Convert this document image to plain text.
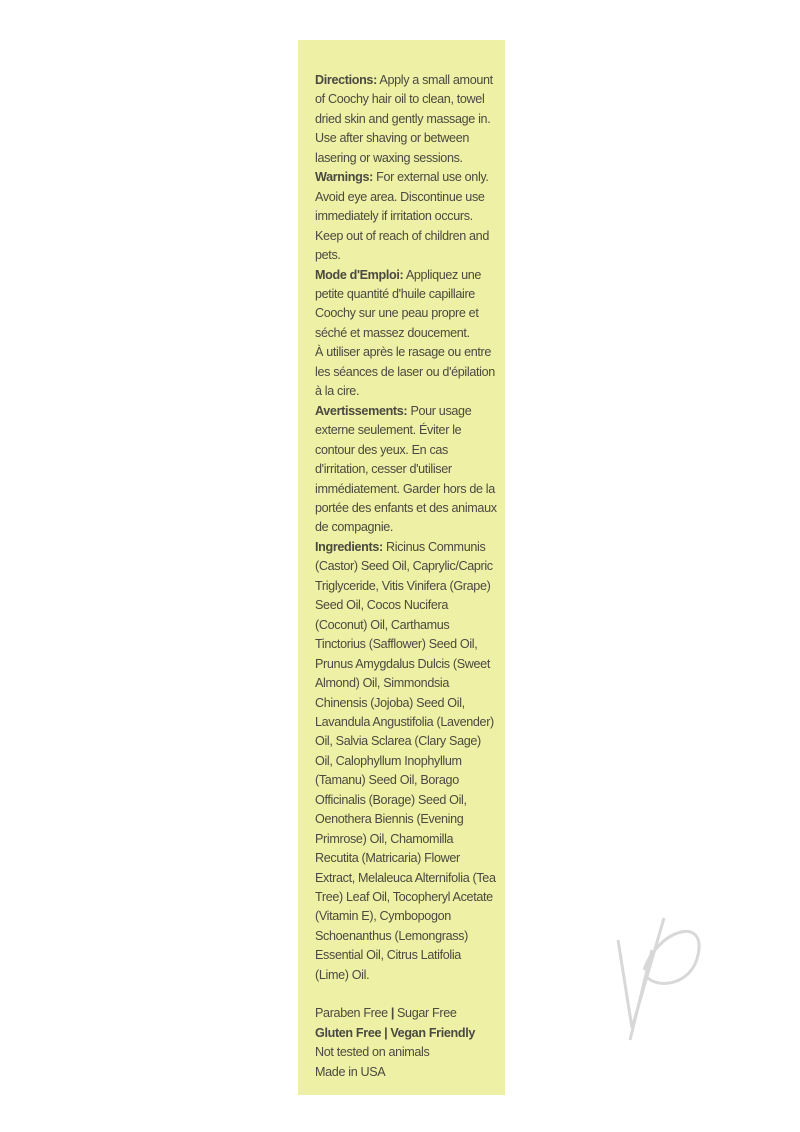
Directions: Apply a small amount of Coochy hair oil to clean, towel dried skin and gently massage in. Use after shaving or between lasering or waxing sessions.

Warnings: For external use only. Avoid eye area. Discontinue use immediately if irritation occurs. Keep out of reach of children and pets.

Mode d'Emploi: Appliquez une petite quantité d'huile capillaire Coochy sur une peau propre et séché et massez doucement.

À utiliser après le rasage ou entre les séances de laser ou d'épilation à la cire.

Avertissements: Pour usage externe seulement. Éviter le contour des yeux. En cas d'irritation, cesser d'utiliser immédiatement. Garder hors de la portée des enfants et des animaux de compagnie.

Ingredients: Ricinus Communis (Castor) Seed Oil, Caprylic/Capric Triglyceride, Vitis Vinifera (Grape) Seed Oil, Cocos Nucifera (Coconut) Oil, Carthamus Tinctorius (Safflower) Seed Oil, Prunus Amygdalus Dulcis (Sweet Almond) Oil, Simmondsia Chinensis (Jojoba) Seed Oil, Lavandula Angustifolia (Lavender) Oil, Salvia Sclarea (Clary Sage) Oil, Calophyllum Inophyllum (Tamanu) Seed Oil, Borago Officinalis (Borage) Seed Oil, Oenothera Biennis (Evening Primrose) Oil, Chamomilla Recutita (Matricaria) Flower Extract, Melaleuca Alternifolia (Tea Tree) Leaf Oil, Tocopheryl Acetate (Vitamin E), Cymbopogon Schoenanthus (Lemongrass) Essential Oil, Citrus Latifolia (Lime) Oil.

Paraben Free | Sugar Free

Gluten Free | Vegan Friendly

Not tested on animals

Made in USA
